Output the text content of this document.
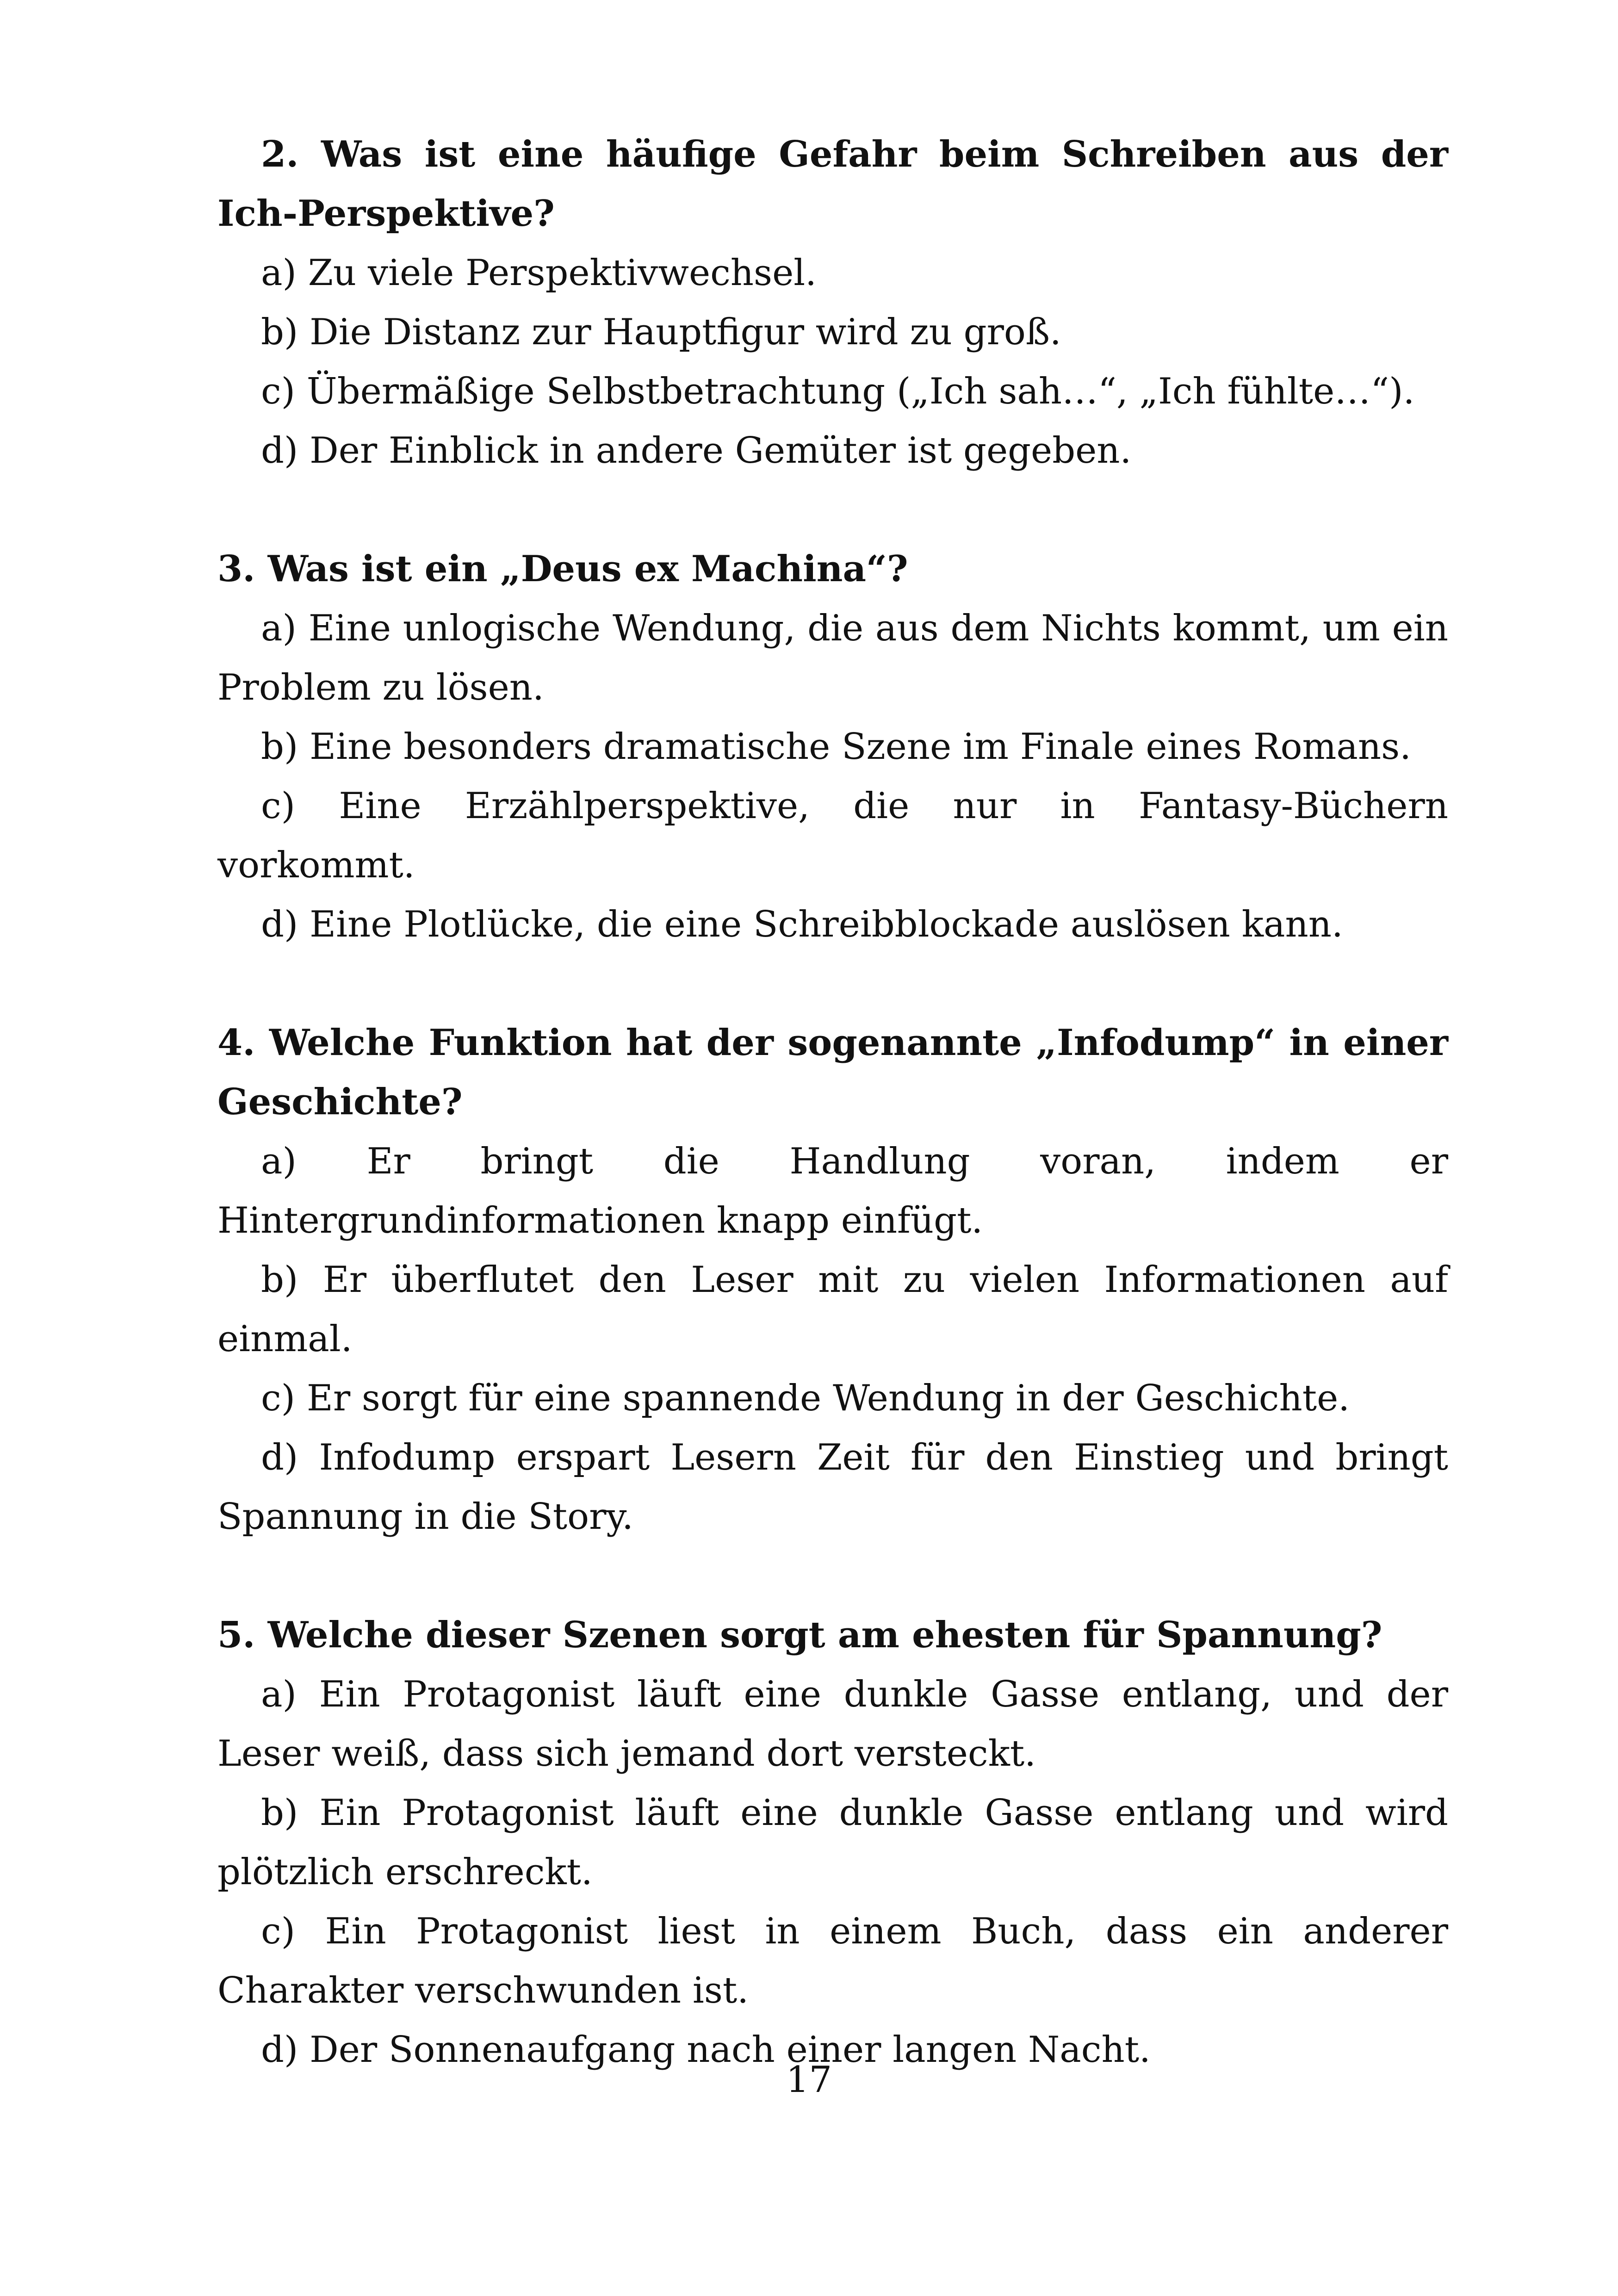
2. Was ist eine häufige Gefahr beim Schreiben aus der Ich-Perspektive?

a) Zu viele Perspektivwechsel.

b) Die Distanz zur Hauptfigur wird zu groß.

c) Übermäßige Selbstbetrachtung („Ich sah…“, „Ich fühlte…“).

d) Der Einblick in andere Gemüter ist gegeben.

3. Was ist ein „Deus ex Machina“?

a) Eine unlogische Wendung, die aus dem Nichts kommt, um ein Problem zu lösen.

b) Eine besonders dramatische Szene im Finale eines Romans.

c) Eine Erzählperspektive, die nur in Fantasy-Büchern vorkommt.

d) Eine Plotlücke, die eine Schreibblockade auslösen kann.

4. Welche Funktion hat der sogenannte „Infodump“ in einer Geschichte?

a) Er bringt die Handlung voran, indem er Hintergrundinformationen knapp einfügt.

b) Er überflutet den Leser mit zu vielen Informationen auf einmal.

c) Er sorgt für eine spannende Wendung in der Geschichte.

d) Infodump erspart Lesern Zeit für den Einstieg und bringt Spannung in die Story.

5. Welche dieser Szenen sorgt am ehesten für Spannung?

a) Ein Protagonist läuft eine dunkle Gasse entlang, und der Leser weiß, dass sich jemand dort versteckt.

b) Ein Protagonist läuft eine dunkle Gasse entlang und wird plötzlich erschreckt.

c) Ein Protagonist liest in einem Buch, dass ein anderer Charakter verschwunden ist.

d) Der Sonnenaufgang nach einer langen Nacht.

17
